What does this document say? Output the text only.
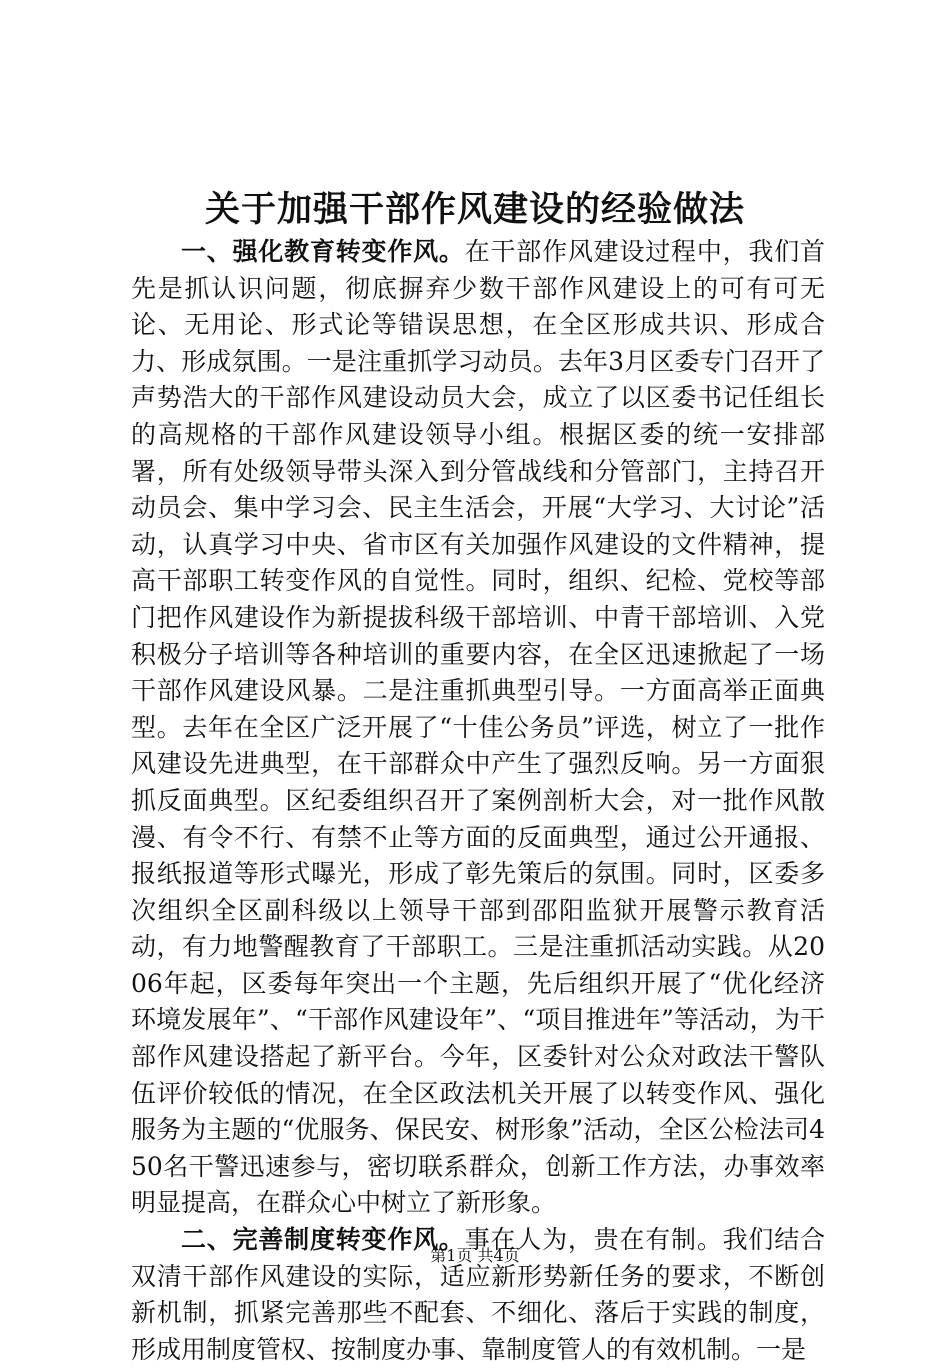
关于加强干部作风建设的经验做法

一、强化教育转变作风。在干部作风建设过程中，我们首先是抓认识问题，彻底摒弃少数干部作风建设上的可有可无论、无用论、形式论等错误思想，在全区形成共识、形成合力、形成氛围。一是注重抓学习动员。去年3月区委专门召开了声势浩大的干部作风建设动员大会，成立了以区委书记任组长的高规格的干部作风建设领导小组。根据区委的统一安排部署，所有处级领导带头深入到分管战线和分管部门，主持召开动员会、集中学习会、民主生活会，开展“大学习、大讨论”活动，认真学习中央、省市区有关加强作风建设的文件精神，提高干部职工转变作风的自觉性。同时，组织、纪检、党校等部门把作风建设作为新提拔科级干部培训、中青干部培训、入党积极分子培训等各种培训的重要内容，在全区迅速掀起了一场干部作风建设风暴。二是注重抓典型引导。一方面高举正面典型。去年在全区广泛开展了“十佳公务员”评选，树立了一批作风建设先进典型，在干部群众中产生了强烈反响。另一方面狠抓反面典型。区纪委组织召开了案例剖析大会，对一批作风散漫、有令不行、有禁不止等方面的反面典型，通过公开通报、报纸报道等形式曝光，形成了彰先策后的氛围。同时，区委多次组织全区副科级以上领导干部到邵阳监狱开展警示教育活动，有力地警醒教育了干部职工。三是注重抓活动实践。从2006年起，区委每年突出一个主题，先后组织开展了“优化经济环境发展年”、“干部作风建设年”、“项目推进年”等活动，为干部作风建设搭起了新平台。今年，区委针对公众对政法干警队伍评价较低的情况，在全区政法机关开展了以转变作风、强化服务为主题的“优服务、保民安、树形象”活动，全区公检法司450名干警迅速参与，密切联系群众，创新工作方法，办事效率明显提高，在群众心中树立了新形象。

二、完善制度转变作风。事在人为，贵在有制。我们结合双清干部作风建设的实际，适应新形势新任务的要求，不断创新机制，抓紧完善那些不配套、不细化、落后于实践的制度，形成用制度管权、按制度办事、靠制度管人的有效机制。一是

第1页 共4页
